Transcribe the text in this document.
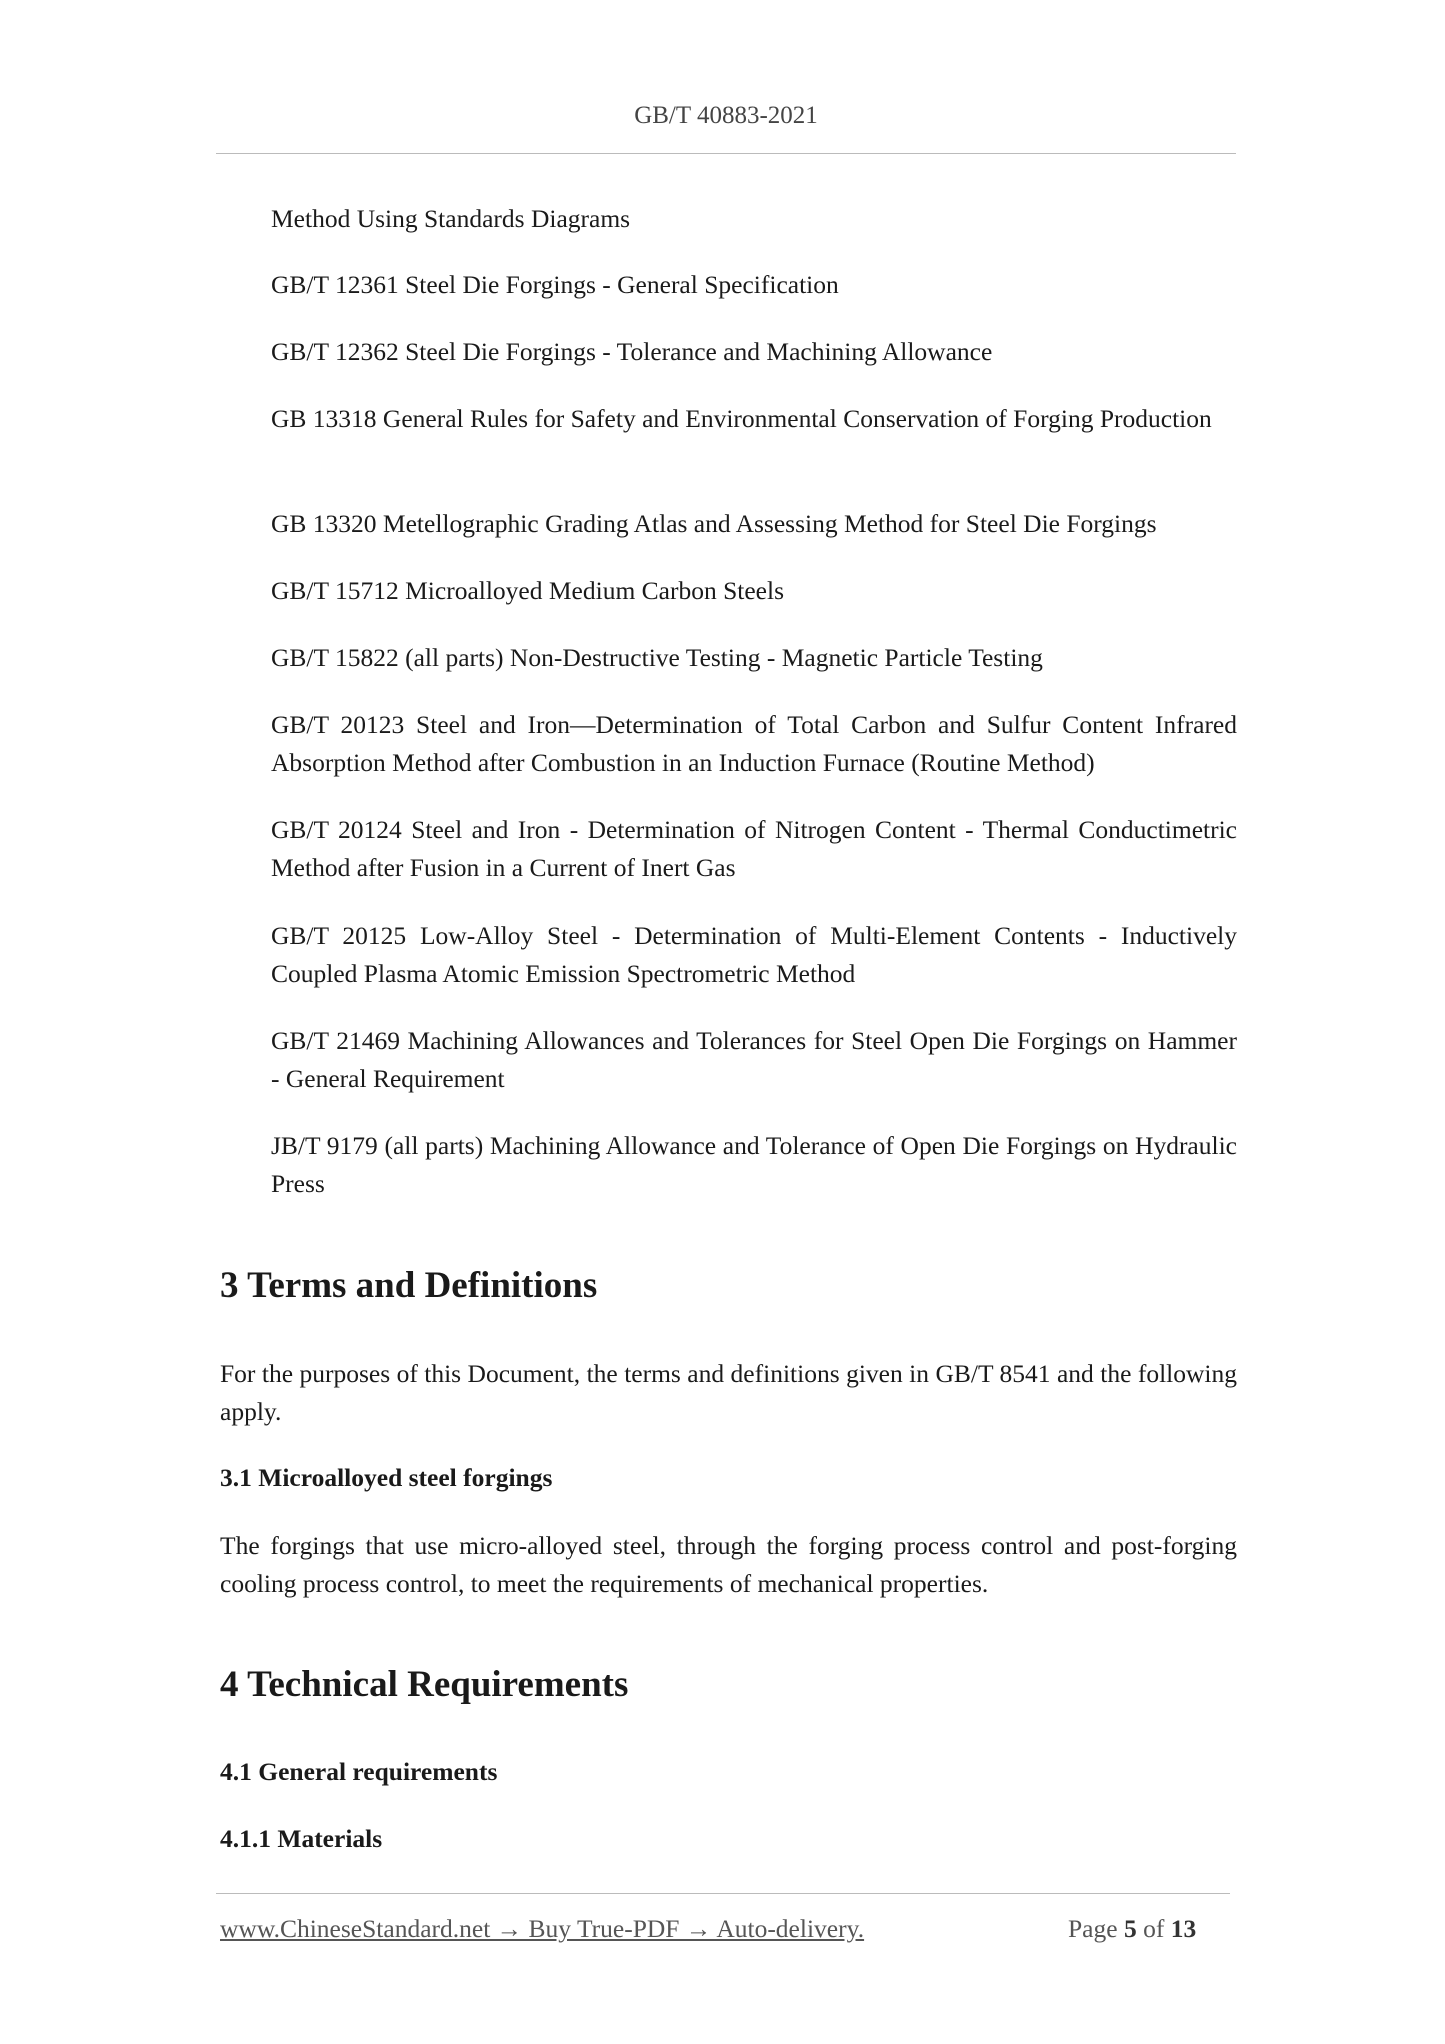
GB/T 40883-2021
Method Using Standards Diagrams
GB/T 12361 Steel Die Forgings - General Specification
GB/T 12362 Steel Die Forgings - Tolerance and Machining Allowance
GB 13318 General Rules for Safety and Environmental Conservation of Forging Production
GB 13320 Metellographic Grading Atlas and Assessing Method for Steel Die Forgings
GB/T 15712 Microalloyed Medium Carbon Steels
GB/T 15822 (all parts) Non-Destructive Testing - Magnetic Particle Testing
GB/T 20123 Steel and Iron—Determination of Total Carbon and Sulfur Content Infrared Absorption Method after Combustion in an Induction Furnace (Routine Method)
GB/T 20124 Steel and Iron - Determination of Nitrogen Content - Thermal Conductimetric Method after Fusion in a Current of Inert Gas
GB/T 20125 Low-Alloy Steel - Determination of Multi-Element Contents - Inductively Coupled Plasma Atomic Emission Spectrometric Method
GB/T 21469 Machining Allowances and Tolerances for Steel Open Die Forgings on Hammer - General Requirement
JB/T 9179 (all parts) Machining Allowance and Tolerance of Open Die Forgings on Hydraulic Press
3 Terms and Definitions
For the purposes of this Document, the terms and definitions given in GB/T 8541 and the following apply.
3.1 Microalloyed steel forgings
The forgings that use micro-alloyed steel, through the forging process control and post-forging cooling process control, to meet the requirements of mechanical properties.
4 Technical Requirements
4.1 General requirements
4.1.1 Materials
www.ChineseStandard.net → Buy True-PDF → Auto-delivery.	Page 5 of 13
